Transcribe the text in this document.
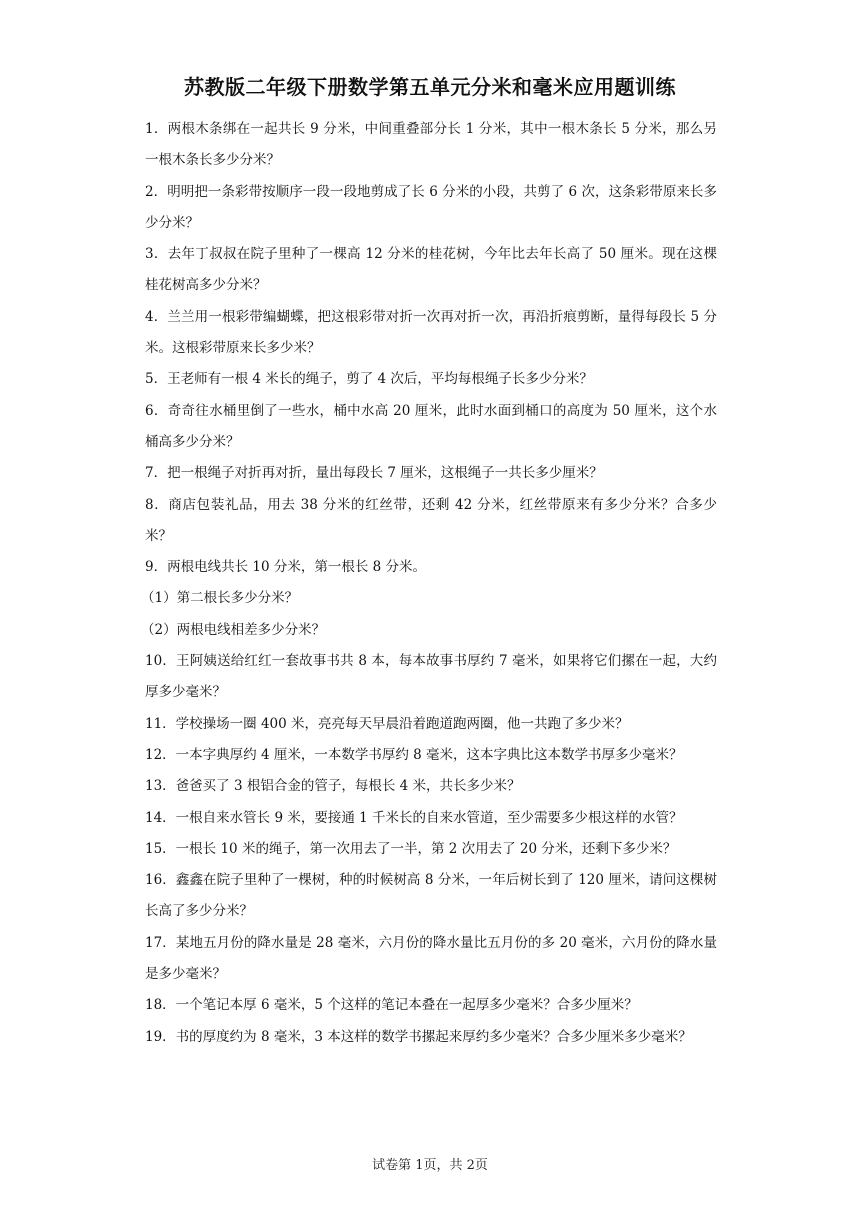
苏教版二年级下册数学第五单元分米和毫米应用题训练

1．两根木条绑在一起共长 9 分米，中间重叠部分长 1 分米，其中一根木条长 5 分米，那么另一根木条长多少分米？

2．明明把一条彩带按顺序一段一段地剪成了长 6 分米的小段，共剪了 6 次，这条彩带原来长多少分米？

3．去年丁叔叔在院子里种了一棵高 12 分米的桂花树，今年比去年长高了 50 厘米。现在这棵桂花树高多少分米？

4．兰兰用一根彩带编蝴蝶，把这根彩带对折一次再对折一次，再沿折痕剪断，量得每段长 5 分米。这根彩带原来长多少米？

5．王老师有一根 4 米长的绳子，剪了 4 次后，平均每根绳子长多少分米？

6．奇奇往水桶里倒了一些水，桶中水高 20 厘米，此时水面到桶口的高度为 50 厘米，这个水桶高多少分米？

7．把一根绳子对折再对折，量出每段长 7 厘米，这根绳子一共长多少厘米？

8．商店包装礼品，用去 38 分米的红丝带，还剩 42 分米，红丝带原来有多少分米？合多少米？

9．两根电线共长 10 分米，第一根长 8 分米。

（1）第二根长多少分米？

（2）两根电线相差多少分米？

10．王阿姨送给红红一套故事书共 8 本，每本故事书厚约 7 毫米，如果将它们摞在一起，大约厚多少毫米？

11．学校操场一圈 400 米，亮亮每天早晨沿着跑道跑两圈，他一共跑了多少米？

12．一本字典厚约 4 厘米，一本数学书厚约 8 毫米，这本字典比这本数学书厚多少毫米？

13．爸爸买了 3 根铝合金的管子，每根长 4 米，共长多少米？

14．一根自来水管长 9 米，要接通 1 千米长的自来水管道，至少需要多少根这样的水管？

15．一根长 10 米的绳子，第一次用去了一半，第 2 次用去了 20 分米，还剩下多少米？

16．鑫鑫在院子里种了一棵树，种的时候树高 8 分米，一年后树长到了 120 厘米，请问这棵树长高了多少分米？

17．某地五月份的降水量是 28 毫米，六月份的降水量比五月份的多 20 毫米，六月份的降水量是多少毫米？

18．一个笔记本厚 6 毫米，5 个这样的笔记本叠在一起厚多少毫米？合多少厘米？

19．书的厚度约为 8 毫米，3 本这样的数学书摞起来厚约多少毫米？合多少厘米多少毫米？

试卷第 1页，共 2页
